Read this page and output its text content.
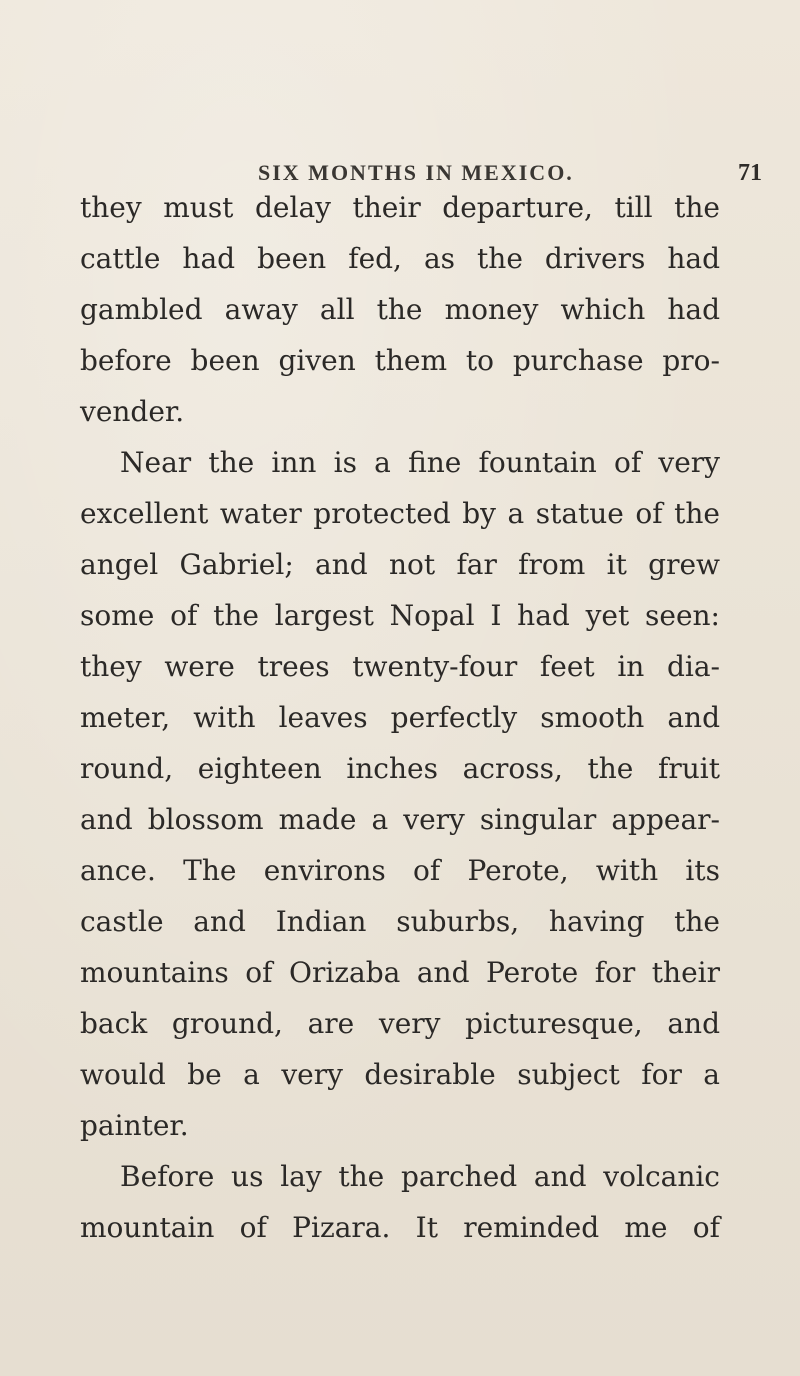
SIX MONTHS IN MEXICO.	71
they must delay their departure, till the
cattle had been fed, as the drivers had
gambled away all the money which had
before been given them to purchase pro-
vender.
Near the inn is a fine fountain of very
excellent water protected by a statue of the
angel Gabriel; and not far from it grew
some of the largest Nopal I had yet seen:
they were trees twenty-four feet in dia-
meter, with leaves perfectly smooth and
round, eighteen inches across, the fruit
and blossom made a very singular appear-
ance. The environs of Perote, with its
castle and Indian suburbs, having the
mountains of Orizaba and Perote for their
back ground, are very picturesque, and
would be a very desirable subject for a
painter.
Before us lay the parched and volcanic
mountain of Pizara. It reminded me of
